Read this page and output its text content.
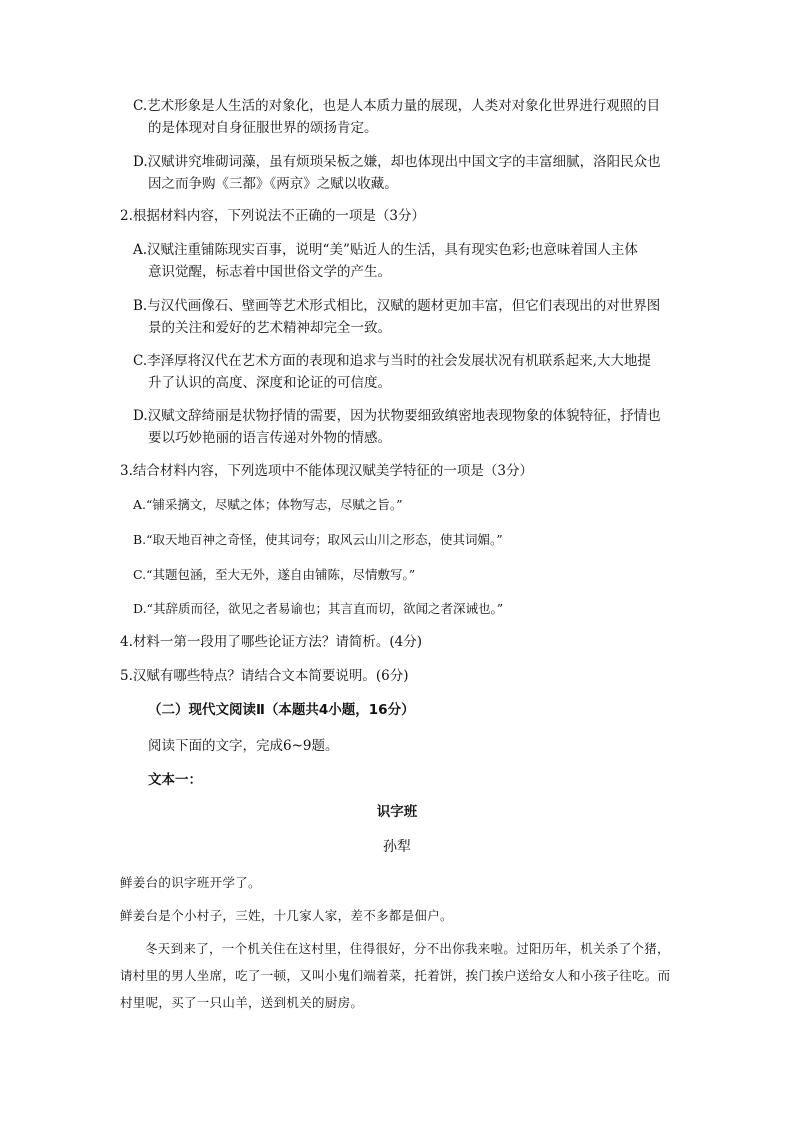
C.艺术形象是人生活的对象化，也是人本质力量的展现，人类对对象化世界进行观照的目
的是体现对自身征服世界的颂扬肯定。
D.汉赋讲究堆砌词藻，虽有烦琐呆板之嫌，却也体现出中国文字的丰富细腻，洛阳民众也
因之而争购《三都》《两京》之赋以收藏。
2.根据材料内容，下列说法不正确的一项是（3分）
A.汉赋注重铺陈现实百事，说明“美”贴近人的生活，具有现实色彩;也意味着国人主体
意识觉醒，标志着中国世俗文学的产生。
B.与汉代画像石、壁画等艺术形式相比，汉赋的题材更加丰富，但它们表现出的对世界图
景的关注和爱好的艺术精神却完全一致。
C.李泽厚将汉代在艺术方面的表现和追求与当时的社会发展状况有机联系起来,大大地提
升了认识的高度、深度和论证的可信度。
D.汉赋文辞绮丽是状物抒情的需要，因为状物要细致缜密地表现物象的体貌特征，抒情也
要以巧妙艳丽的语言传递对外物的情感。
3.结合材料内容，下列选项中不能体现汉赋美学特征的一项是（3分）
A.“铺采摛文，尽赋之体；体物写志，尽赋之旨。”
B.“取天地百神之奇怪，使其词夸；取风云山川之形态，使其词媚。”
C.“其题包涵，至大无外，遂自由铺陈，尽情敷写。”
D.“其辞质而径，欲见之者易谕也；其言直而切，欲闻之者深诫也。”
4.材料一第一段用了哪些论证方法？请简析。(4分)
5.汉赋有哪些特点？请结合文本简要说明。(6分)
（二）现代文阅读Ⅱ（本题共4小题，16分）
阅读下面的文字，完成6~9题。
文本一：
识字班
孙犁

鲜姜台的识字班开学了。

鲜姜台是个小村子，三姓，十几家人家，差不多都是佃户。

冬天到来了，一个机关住在这村里，住得很好，分不出你我来啦。过阳历年，机关杀了个猪，请村里的男人坐席，吃了一顿，又叫小鬼们端着菜，托着饼，挨门挨户送给女人和小孩子往吃。而村里呢，买了一只山羊，送到机关的厨房。
